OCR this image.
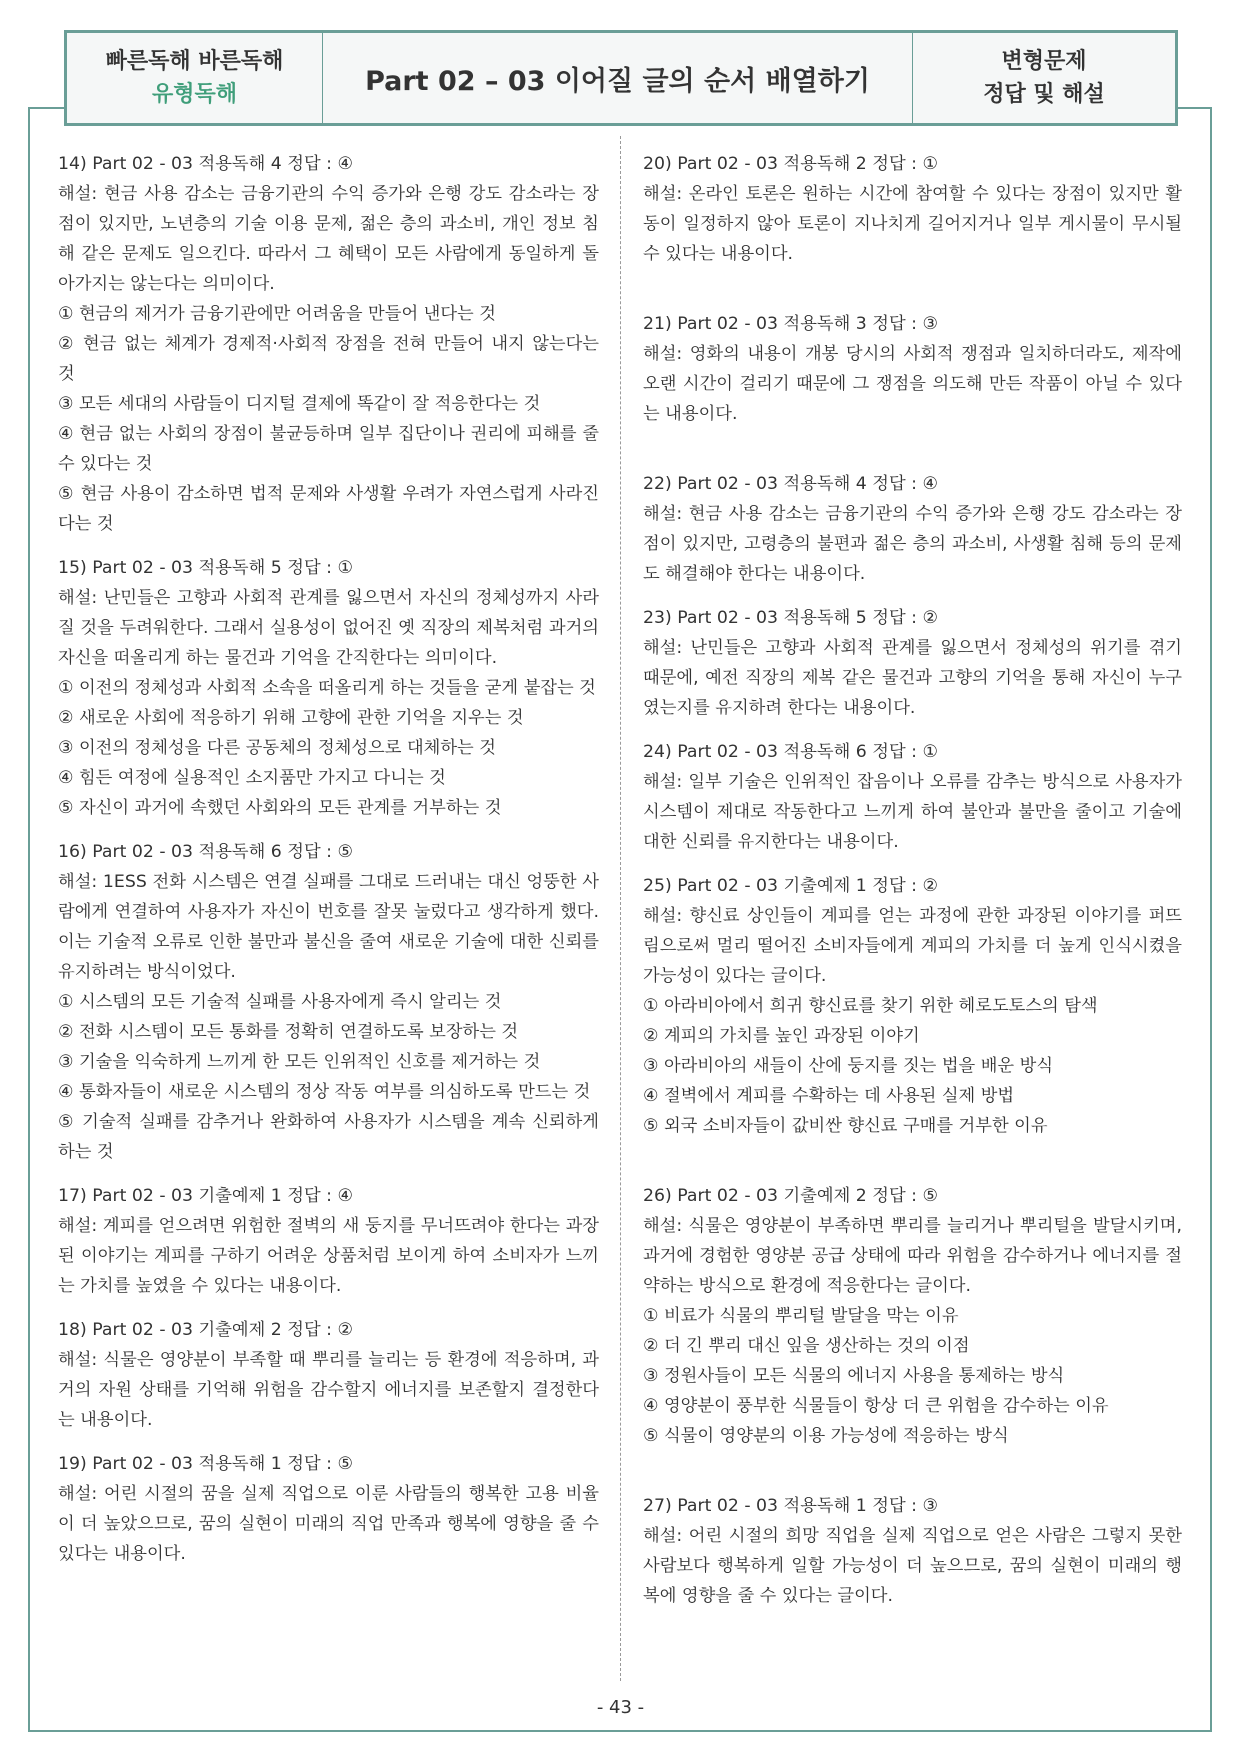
빠른독해 바른독해
유형독해	Part 02 – 03 이어질 글의 순서 배열하기
변형문제
정답 및 해설

14) Part 02 - 03 적용독해 4 정답 : ④

해설: 현금 사용 감소는 금융기관의 수익 증가와 은행 강도 감소라는 장점이 있지만, 노년층의 기술 이용 문제, 젊은 층의 과소비, 개인 정보 침해 같은 문제도 일으킨다. 따라서 그 혜택이 모든 사람에게 동일하게 돌아가지는 않는다는 의미이다.

① 현금의 제거가 금융기관에만 어려움을 만들어 낸다는 것

② 현금 없는 체계가 경제적·사회적 장점을 전혀 만들어 내지 않는다는 것

③ 모든 세대의 사람들이 디지털 결제에 똑같이 잘 적응한다는 것

④ 현금 없는 사회의 장점이 불균등하며 일부 집단이나 권리에 피해를 줄 수 있다는 것

⑤ 현금 사용이 감소하면 법적 문제와 사생활 우려가 자연스럽게 사라진다는 것

15) Part 02 - 03 적용독해 5 정답 : ①

해설: 난민들은 고향과 사회적 관계를 잃으면서 자신의 정체성까지 사라질 것을 두려워한다. 그래서 실용성이 없어진 옛 직장의 제복처럼 과거의 자신을 떠올리게 하는 물건과 기억을 간직한다는 의미이다.

① 이전의 정체성과 사회적 소속을 떠올리게 하는 것들을 굳게 붙잡는 것

② 새로운 사회에 적응하기 위해 고향에 관한 기억을 지우는 것

③ 이전의 정체성을 다른 공동체의 정체성으로 대체하는 것

④ 힘든 여정에 실용적인 소지품만 가지고 다니는 것

⑤ 자신이 과거에 속했던 사회와의 모든 관계를 거부하는 것

16) Part 02 - 03 적용독해 6 정답 : ⑤

해설: 1ESS 전화 시스템은 연결 실패를 그대로 드러내는 대신 엉뚱한 사람에게 연결하여 사용자가 자신이 번호를 잘못 눌렀다고 생각하게 했다. 이는 기술적 오류로 인한 불만과 불신을 줄여 새로운 기술에 대한 신뢰를 유지하려는 방식이었다.

① 시스템의 모든 기술적 실패를 사용자에게 즉시 알리는 것

② 전화 시스템이 모든 통화를 정확히 연결하도록 보장하는 것

③ 기술을 익숙하게 느끼게 한 모든 인위적인 신호를 제거하는 것

④ 통화자들이 새로운 시스템의 정상 작동 여부를 의심하도록 만드는 것

⑤ 기술적 실패를 감추거나 완화하여 사용자가 시스템을 계속 신뢰하게 하는 것

17) Part 02 - 03 기출예제 1 정답 : ④

해설: 계피를 얻으려면 위험한 절벽의 새 둥지를 무너뜨려야 한다는 과장된 이야기는 계피를 구하기 어려운 상품처럼 보이게 하여 소비자가 느끼는 가치를 높였을 수 있다는 내용이다.

18) Part 02 - 03 기출예제 2 정답 : ②

해설: 식물은 영양분이 부족할 때 뿌리를 늘리는 등 환경에 적응하며, 과거의 자원 상태를 기억해 위험을 감수할지 에너지를 보존할지 결정한다는 내용이다.

19) Part 02 - 03 적용독해 1 정답 : ⑤

해설: 어린 시절의 꿈을 실제 직업으로 이룬 사람들의 행복한 고용 비율이 더 높았으므로, 꿈의 실현이 미래의 직업 만족과 행복에 영향을 줄 수 있다는 내용이다.

20) Part 02 - 03 적용독해 2 정답 : ①

해설: 온라인 토론은 원하는 시간에 참여할 수 있다는 장점이 있지만 활동이 일정하지 않아 토론이 지나치게 길어지거나 일부 게시물이 무시될 수 있다는 내용이다.

21) Part 02 - 03 적용독해 3 정답 : ③

해설: 영화의 내용이 개봉 당시의 사회적 쟁점과 일치하더라도, 제작에 오랜 시간이 걸리기 때문에 그 쟁점을 의도해 만든 작품이 아닐 수 있다는 내용이다.

22) Part 02 - 03 적용독해 4 정답 : ④

해설: 현금 사용 감소는 금융기관의 수익 증가와 은행 강도 감소라는 장점이 있지만, 고령층의 불편과 젊은 층의 과소비, 사생활 침해 등의 문제도 해결해야 한다는 내용이다.

23) Part 02 - 03 적용독해 5 정답 : ②

해설: 난민들은 고향과 사회적 관계를 잃으면서 정체성의 위기를 겪기 때문에, 예전 직장의 제복 같은 물건과 고향의 기억을 통해 자신이 누구였는지를 유지하려 한다는 내용이다.

24) Part 02 - 03 적용독해 6 정답 : ①

해설: 일부 기술은 인위적인 잡음이나 오류를 감추는 방식으로 사용자가 시스템이 제대로 작동한다고 느끼게 하여 불안과 불만을 줄이고 기술에 대한 신뢰를 유지한다는 내용이다.

25) Part 02 - 03 기출예제 1 정답 : ②

해설: 향신료 상인들이 계피를 얻는 과정에 관한 과장된 이야기를 퍼뜨림으로써 멀리 떨어진 소비자들에게 계피의 가치를 더 높게 인식시켰을 가능성이 있다는 글이다.

① 아라비아에서 희귀 향신료를 찾기 위한 헤로도토스의 탐색

② 계피의 가치를 높인 과장된 이야기

③ 아라비아의 새들이 산에 둥지를 짓는 법을 배운 방식

④ 절벽에서 계피를 수확하는 데 사용된 실제 방법

⑤ 외국 소비자들이 값비싼 향신료 구매를 거부한 이유

26) Part 02 - 03 기출예제 2 정답 : ⑤

해설: 식물은 영양분이 부족하면 뿌리를 늘리거나 뿌리털을 발달시키며, 과거에 경험한 영양분 공급 상태에 따라 위험을 감수하거나 에너지를 절약하는 방식으로 환경에 적응한다는 글이다.

① 비료가 식물의 뿌리털 발달을 막는 이유

② 더 긴 뿌리 대신 잎을 생산하는 것의 이점

③ 정원사들이 모든 식물의 에너지 사용을 통제하는 방식

④ 영양분이 풍부한 식물들이 항상 더 큰 위험을 감수하는 이유

⑤ 식물이 영양분의 이용 가능성에 적응하는 방식

27) Part 02 - 03 적용독해 1 정답 : ③

해설: 어린 시절의 희망 직업을 실제 직업으로 얻은 사람은 그렇지 못한 사람보다 행복하게 일할 가능성이 더 높으므로, 꿈의 실현이 미래의 행복에 영향을 줄 수 있다는 글이다.

- 43 -
